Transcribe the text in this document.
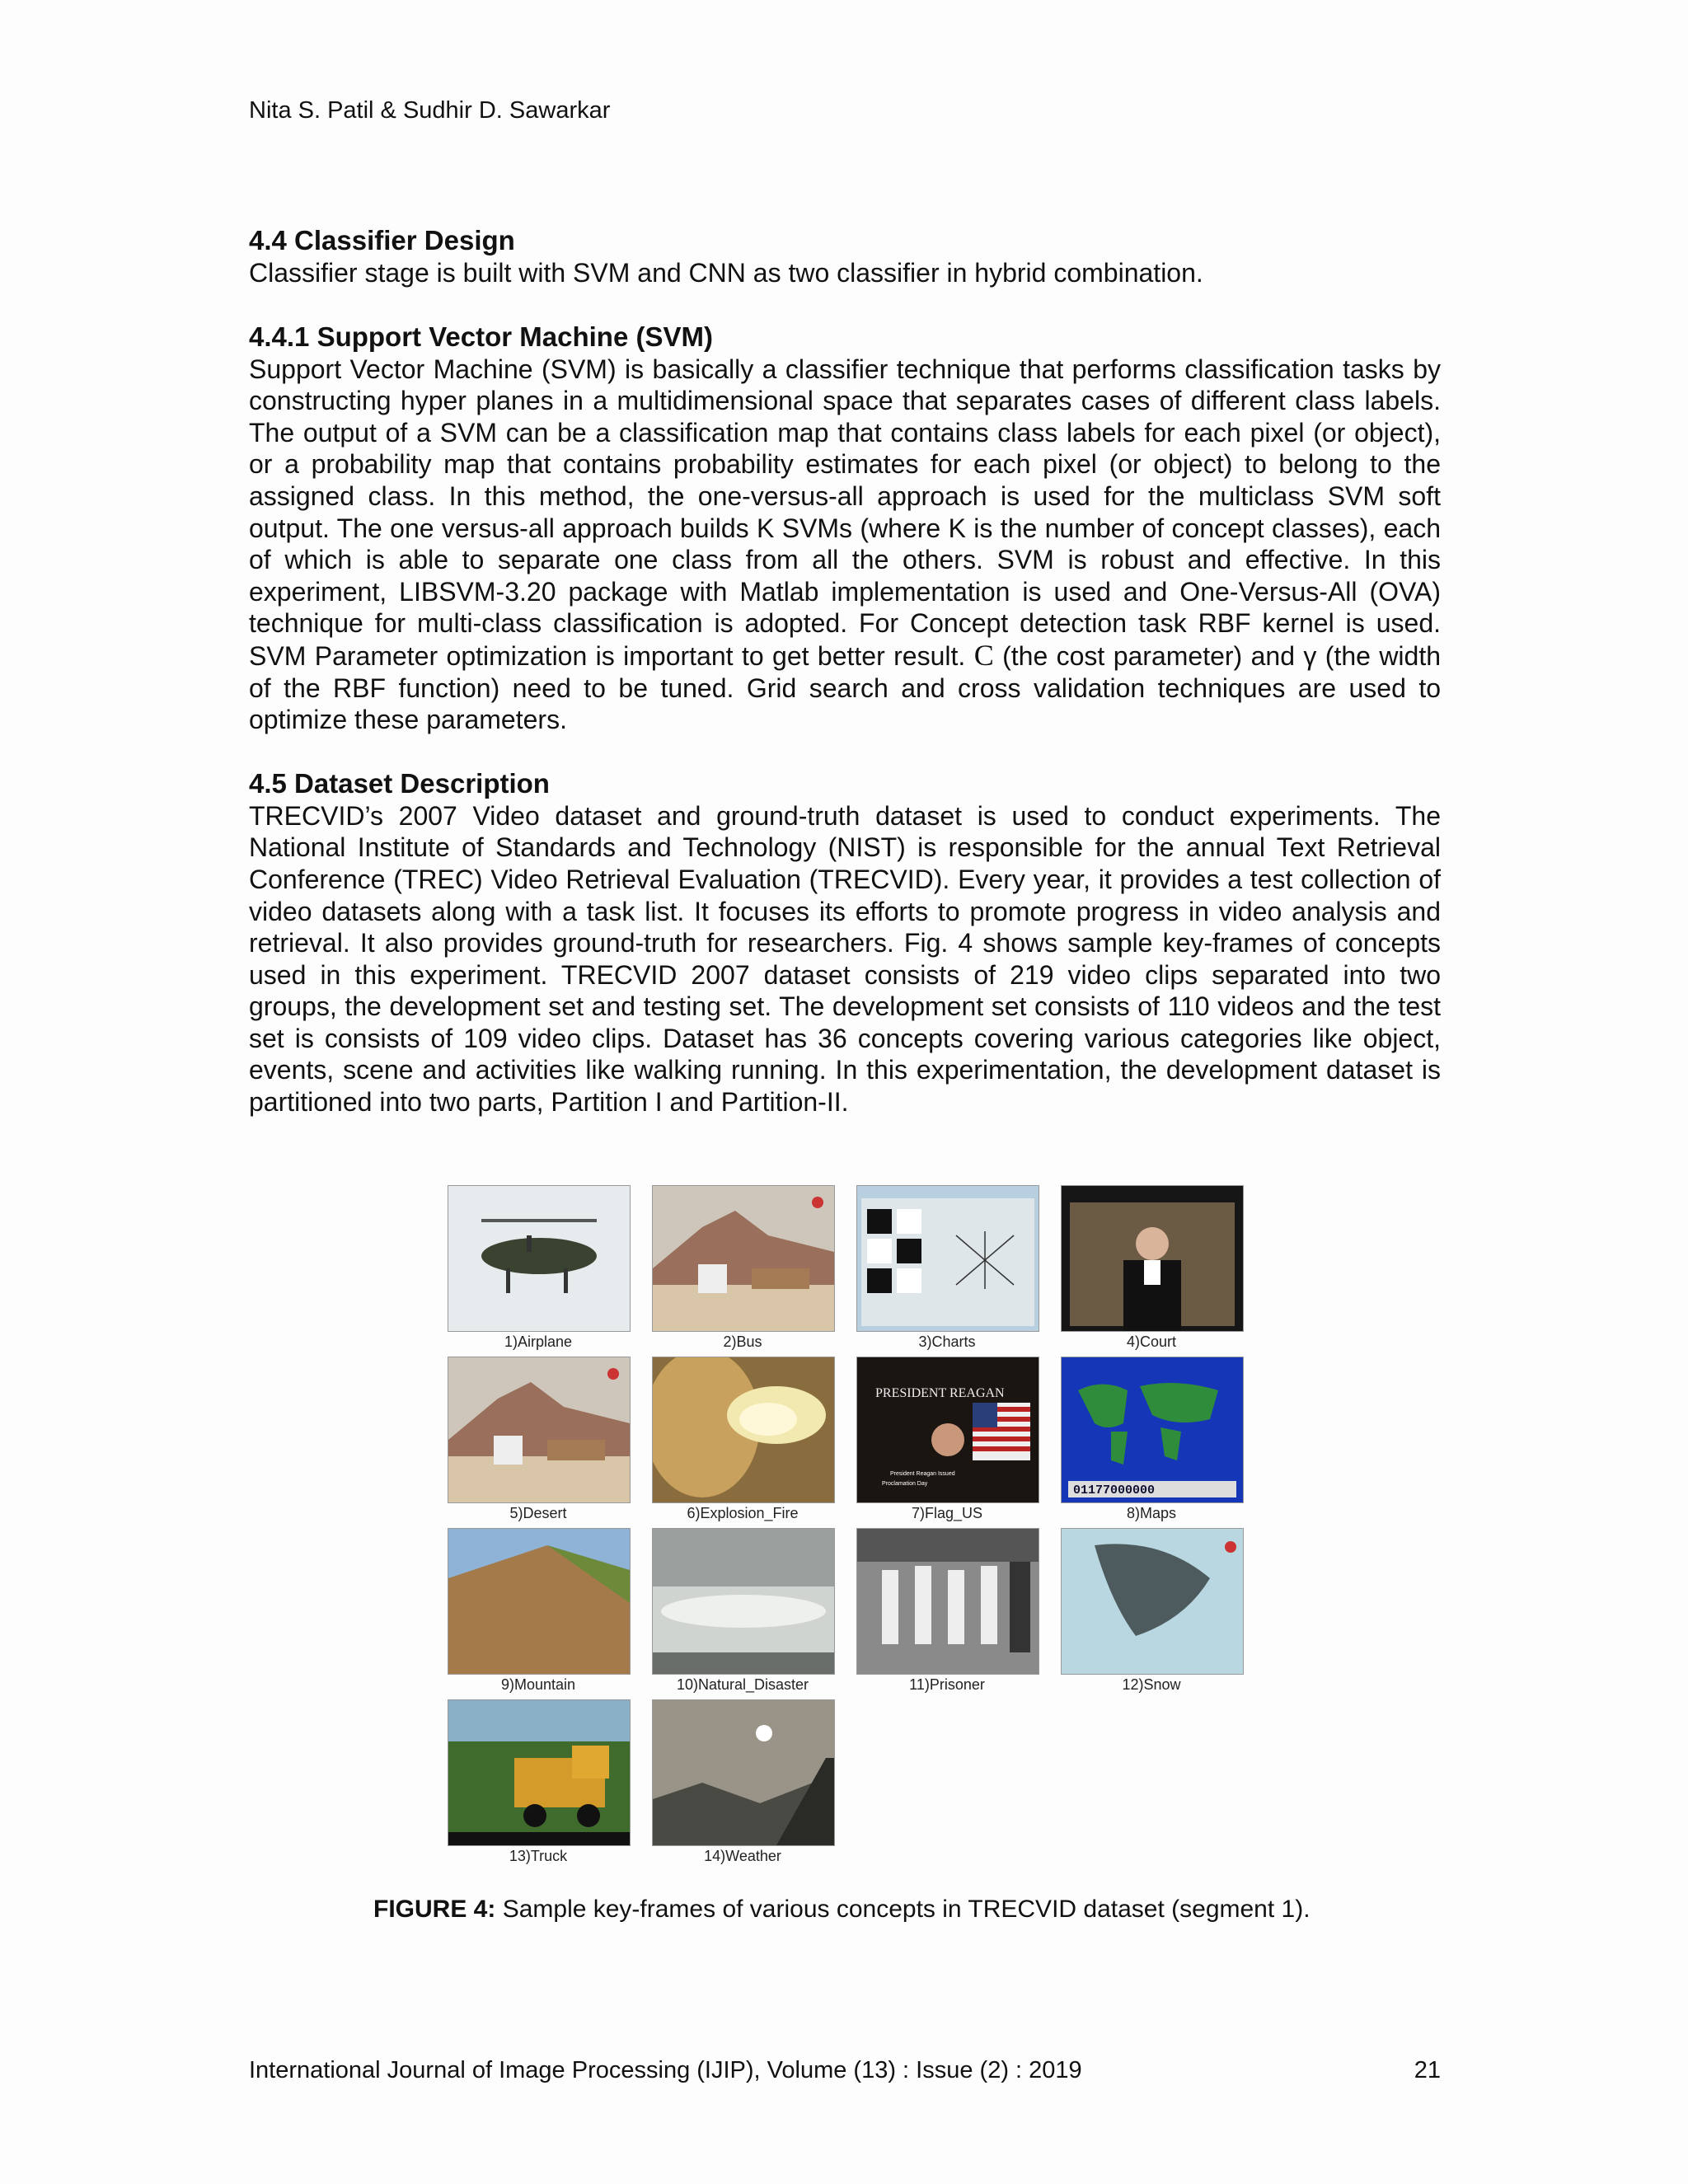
Nita S. Patil & Sudhir D. Sawarkar
4.4 Classifier Design

Classifier stage is built with SVM and CNN as two classifier in hybrid combination.

4.4.1 Support Vector Machine (SVM)

Support Vector Machine (SVM) is basically a classifier technique that performs classification tasks by constructing hyper planes in a multidimensional space that separates cases of different class labels. The output of a SVM can be a classification map that contains class labels for each pixel (or object), or a probability map that contains probability estimates for each pixel (or object) to belong to the assigned class. In this method, the one-versus-all approach is used for the multiclass SVM soft output. The one versus-all approach builds K SVMs (where K is the number of concept classes), each of which is able to separate one class from all the others. SVM is robust and effective. In this experiment, LIBSVM-3.20 package with Matlab implementation is used and One-Versus-All (OVA) technique for multi-class classification is adopted. For Concept detection task RBF kernel is used. SVM Parameter optimization is important to get better result. C (the cost parameter) and γ (the width of the RBF function) need to be tuned. Grid search and cross validation techniques are used to optimize these parameters.

4.5 Dataset Description

TRECVID’s 2007 Video dataset and ground-truth dataset is used to conduct experiments. The National Institute of Standards and Technology (NIST) is responsible for the annual Text Retrieval Conference (TREC) Video Retrieval Evaluation (TRECVID). Every year, it provides a test collection of video datasets along with a task list. It focuses its efforts to promote progress in video analysis and retrieval. It also provides ground-truth for researchers. Fig. 4 shows sample key-frames of concepts used in this experiment. TRECVID 2007 dataset consists of 219 video clips separated into two groups, the development set and testing set. The development set consists of 110 videos and the test set is consists of 109 video clips. Dataset has 36 concepts covering various categories like object, events, scene and activities like walking running. In this experimentation, the development dataset is partitioned into two parts, Partition I and Partition-II.

1)Airplane	2)Bus	3)Charts	4)Court
PRESIDENT REAGAN
President Reagan Issued
Proclamation Day	01177000000
5)Desert	6)Explosion_Fire	7)Flag_US	8)Maps
9)Mountain	10)Natural_Disaster	11)Prisoner	12)Snow
13)Truck	14)Weather
FIGURE 4: Sample key-frames of various concepts in TRECVID dataset (segment 1).
International Journal of Image Processing (IJIP), Volume (13) : Issue (2) : 2019	21
